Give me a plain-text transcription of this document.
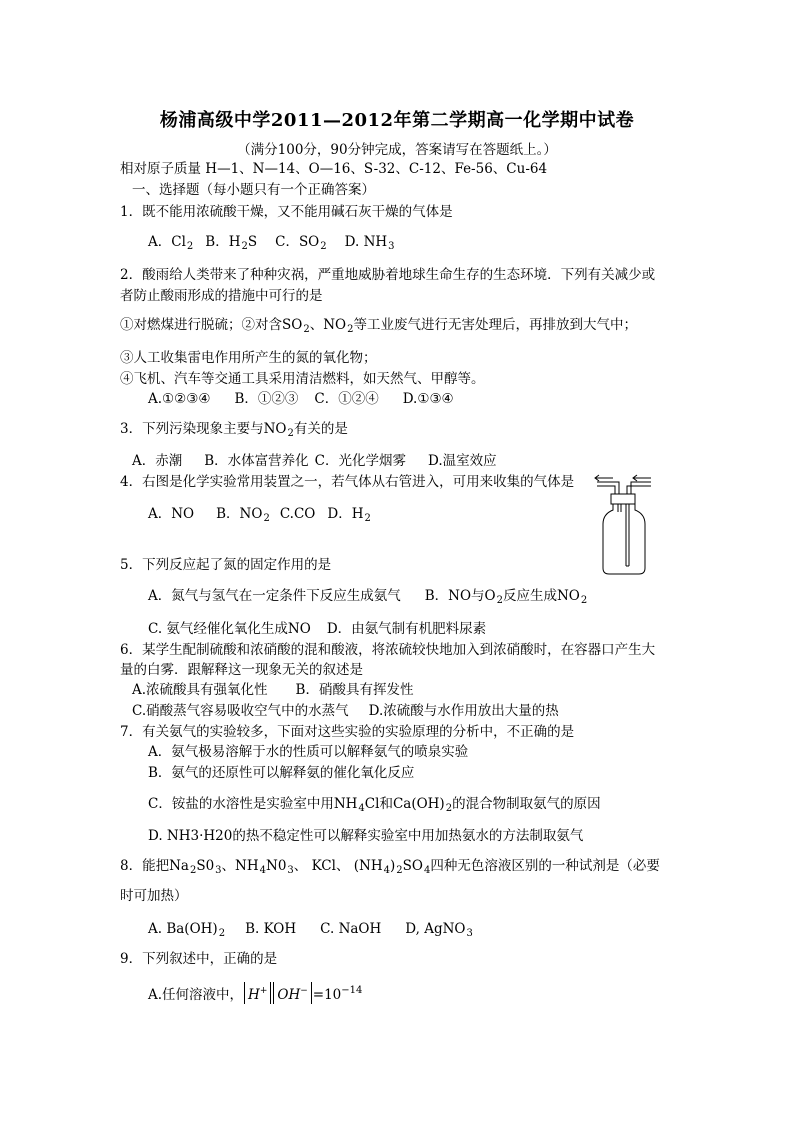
杨浦高级中学2011—2012年第二学期高一化学期中试卷
（满分100分，90分钟完成，答案请写在答题纸上。）
相对原子质量 H—1、N—14、O—16、S-32、C-12、Fe-56、Cu-64
一、选择题（每小题只有一个正确答案）
1．既不能用浓硫酸干燥，又不能用碱石灰干燥的气体是
A．$Cl_2$ B．$H_2S$ C．$SO_2$ D. $NH_3$
2．酸雨给人类带来了种种灾祸，严重地威胁着地球生命生存的生态环境．下列有关减少或
者防止酸雨形成的措施中可行的是
①对燃煤进行脱硫；②对含$SO_2$、$NO_2$等工业废气进行无害处理后，再排放到大气中；
③人工收集雷电作用所产生的氮的氧化物；
④飞机、汽车等交通工具采用清洁燃料，如天然气、甲醇等。
A.①②③④ B．①②③ C．①②④ D.①③④
3．下列污染现象主要与$NO_2$有关的是
A．赤潮 B．水体富营养化 C．光化学烟雾 D.温室效应
4．右图是化学实验常用装置之一，若气体从右管进入，可用来收集的气体是
A．NO B．$NO_2$ C.CO D．$H_2$
5．下列反应起了氮的固定作用的是
A．氮气与氢气在一定条件下反应生成氨气 B．NO与$O_2$反应生成$NO_2$
C. 氨气经催化氧化生成NO D．由氨气制有机肥料尿素
6．某学生配制硫酸和浓硝酸的混和酸液，将浓硫较快地加入到浓硝酸时，在容器口产生大
量的白雾．跟解释这一现象无关的叙述是
A.浓硫酸具有强氧化性 B．硝酸具有挥发性
C.硝酸蒸气容易吸收空气中的水蒸气 D.浓硫酸与水作用放出大量的热
7．有关氨气的实验较多，下面对这些实验的实验原理的分析中，不正确的是
A．氨气极易溶解于水的性质可以解释氨气的喷泉实验
B．氨气的还原性可以解释氨的催化氧化反应
C．铵盐的水溶性是实验室中用$NH_4Cl$和$Ca(OH)_2$的混合物制取氨气的原因
D. NH3·H20的热不稳定性可以解释实验室中用加热氨水的方法制取氨气
8．能把$Na_2S0_3$、$NH_4N0_3$、 KCl、 $(NH_4)_2SO_4$四种无色溶液区别的一种试剂是（必要
时可加热）
A. $Ba(OH)_2$ B. KOH C. NaOH D, AgNO$_3$
9．下列叙述中，正确的是
A.任何溶液中， H+ $OH^- =10^{-14}$
